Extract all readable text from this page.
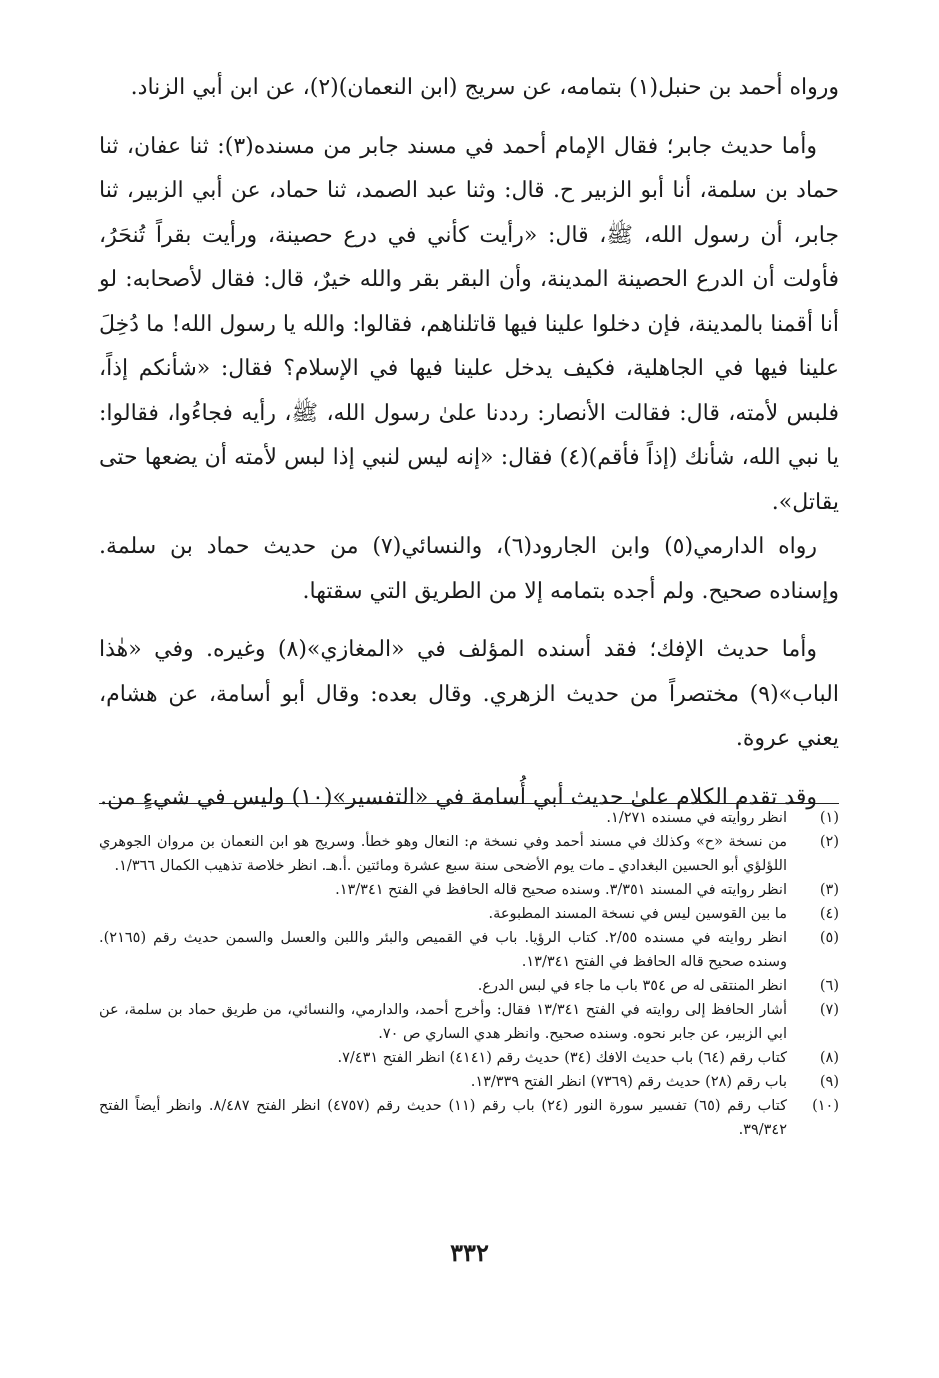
ورواه أحمد بن حنبل(١) بتمامه، عن سريج (ابن النعمان)(٢)، عن ابن أبي الزناد.

وأما حديث جابر؛ فقال الإمام أحمد في مسند جابر من مسنده(٣): ثنا عفان، ثنا حماد بن سلمة، أنا أبو الزبير ح. قال: وثنا عبد الصمد، ثنا حماد، عن أبي الزبير، ثنا جابر، أن رسول الله، ﷺ، قال: «رأيت كأني في درع حصينة، ورأيت بقراً تُنحَرُ، فأولت أن الدرع الحصينة المدينة، وأن البقر بقر والله خيرٌ، قال: فقال لأصحابه: لو أنا أقمنا بالمدينة، فإن دخلوا علينا فيها قاتلناهم، فقالوا: والله يا رسول الله! ما دُخِلَ علينا فيها في الجاهلية، فكيف يدخل علينا فيها في الإسلام؟ فقال: «شأنكم إذاً، فلبس لأمته، قال: فقالت الأنصار: رددنا علىٰ رسول الله، ﷺ، رأيه فجاءُوا، فقالوا: يا نبي الله، شأنك (إذاً فأقم)(٤) فقال: «إنه ليس لنبي إذا لبس لأمته أن يضعها حتى يقاتل».

رواه الدارمي(٥) وابن الجارود(٦)، والنسائي(٧) من حديث حماد بن سلمة. وإسناده صحيح. ولم أجده بتمامه إلا من الطريق التي سقتها.

وأما حديث الإفك؛ فقد أسنده المؤلف في «المغازي»(٨) وغيره. وفي «هٰذا الباب»(٩) مختصراً من حديث الزهري. وقال بعده: وقال أبو أسامة، عن هشام، يعني عروة.

وقد تقدم الكلام علىٰ حديث أبي أُسامة في «التفسير»(١٠) وليس في شيءٍ من.

(١)
انظر روايته في مسنده ١/٢٧١.
(٢)
من نسخة «ح» وكذلك في مسند أحمد وفي نسخة م: النعال وهو خطأ. وسريج هو ابن النعمان بن مروان الجوهري اللؤلؤي أبو الحسين البغدادي ـ مات يوم الأضحى سنة سبع عشرة ومائتين .أ.هـ. انظر خلاصة تذهيب الكمال ١/٣٦٦.
(٣)
انظر روايته في المسند ٣/٣٥١. وسنده صحيح قاله الحافظ في الفتح ١٣/٣٤١.
(٤)
ما بين القوسين ليس في نسخة المسند المطبوعة.
(٥)
انظر روايته في مسنده ٢/٥٥. كتاب الرؤيا. باب في القميص والبئر واللبن والعسل والسمن حديث رقم (٢١٦٥). وسنده صحيح قاله الحافظ في الفتح ١٣/٣٤١.
(٦)
انظر المنتقى له ص ٣٥٤ باب ما جاء في لبس الدرع.
(٧)
أشار الحافظ إلى روايته في الفتح ١٣/٣٤١ فقال: وأخرج أحمد، والدارمي، والنسائي، من طريق حماد بن سلمة، عن ابي الزبير، عن جابر نحوه. وسنده صحيح. وانظر هدي الساري ص ٧٠.
(٨)
كتاب رقم (٦٤) باب حديث الافك (٣٤) حديث رقم (٤١٤١) انظر الفتح ٧/٤٣١.
(٩)
باب رقم (٢٨) حديث رقم (٧٣٦٩) انظر الفتح ١٣/٣٣٩.
(١٠)
كتاب رقم (٦٥) تفسير سورة النور (٢٤) باب رقم (١١) حديث رقم (٤٧٥٧) انظر الفتح ٨/٤٨٧. وانظر أيضاً الفتح ٣٩/٣٤٢.
٣٣٢
